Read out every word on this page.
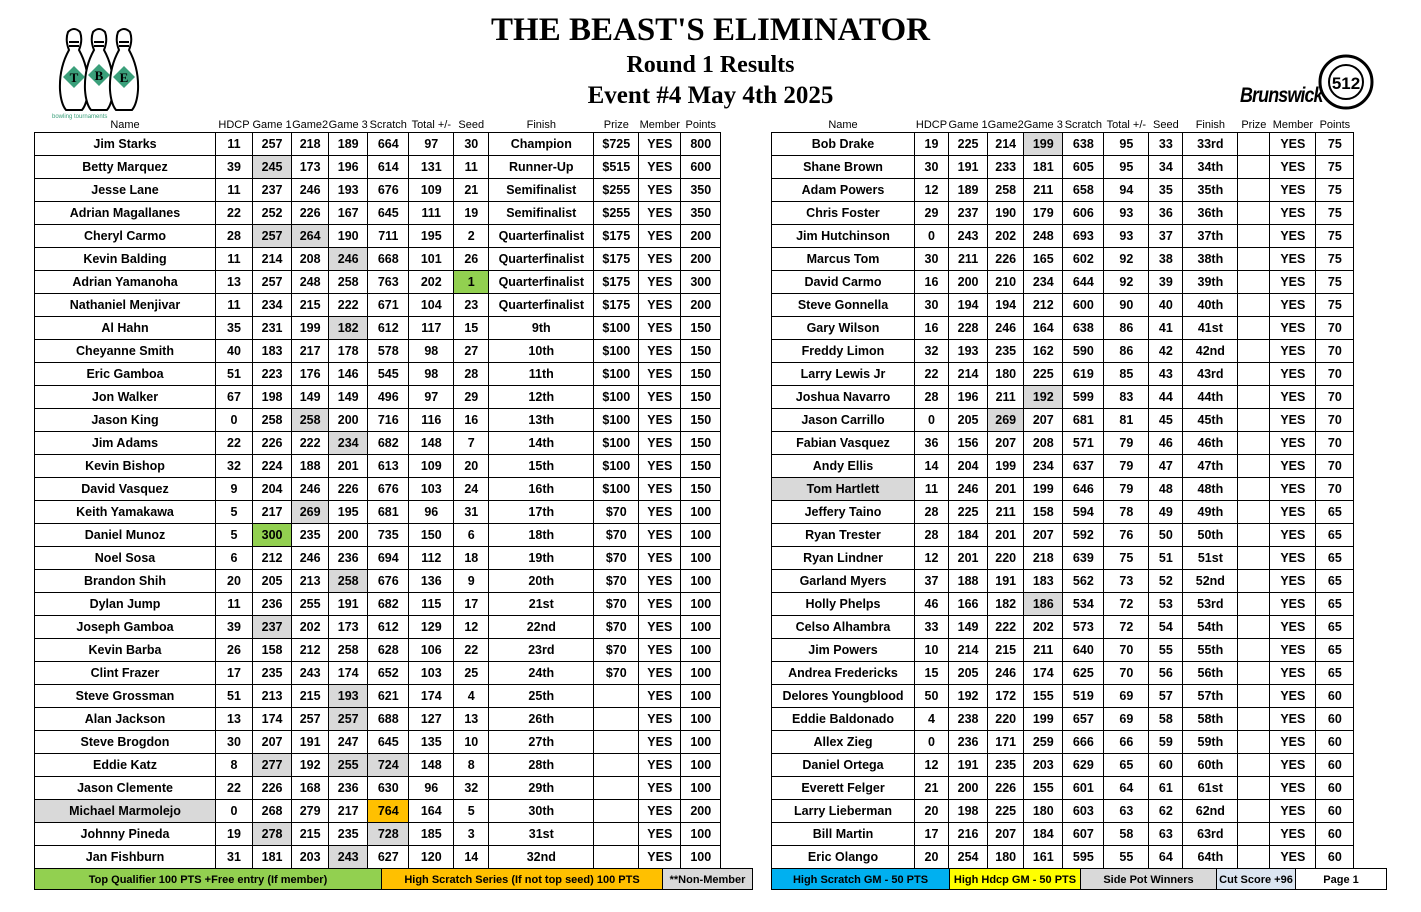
THE BEAST'S ELIMINATOR
Round 1 Results
Event #4 May 4th 2025
T B E
bowling tournaments
Brunswick
512
Name	HDCP	Game 1	Game2	Game 3	Scratch	Total +/-	Seed	Finish	Prize	Member	Points
Jim Starks	11	257	218	189	664	97	30	Champion	$725	YES	800
Betty Marquez	39	245	173	196	614	131	11	Runner-Up	$515	YES	600
Jesse Lane	11	237	246	193	676	109	21	Semifinalist	$255	YES	350
Adrian Magallanes	22	252	226	167	645	111	19	Semifinalist	$255	YES	350
Cheryl Carmo	28	257	264	190	711	195	2	Quarterfinalist	$175	YES	200
Kevin Balding	11	214	208	246	668	101	26	Quarterfinalist	$175	YES	200
Adrian Yamanoha	13	257	248	258	763	202	1	Quarterfinalist	$175	YES	300
Nathaniel Menjivar	11	234	215	222	671	104	23	Quarterfinalist	$175	YES	200
Al Hahn	35	231	199	182	612	117	15	9th	$100	YES	150
Cheyanne Smith	40	183	217	178	578	98	27	10th	$100	YES	150
Eric Gamboa	51	223	176	146	545	98	28	11th	$100	YES	150
Jon Walker	67	198	149	149	496	97	29	12th	$100	YES	150
Jason King	0	258	258	200	716	116	16	13th	$100	YES	150
Jim Adams	22	226	222	234	682	148	7	14th	$100	YES	150
Kevin Bishop	32	224	188	201	613	109	20	15th	$100	YES	150
David Vasquez	9	204	246	226	676	103	24	16th	$100	YES	150
Keith Yamakawa	5	217	269	195	681	96	31	17th	$70	YES	100
Daniel Munoz	5	300	235	200	735	150	6	18th	$70	YES	100
Noel Sosa	6	212	246	236	694	112	18	19th	$70	YES	100
Brandon Shih	20	205	213	258	676	136	9	20th	$70	YES	100
Dylan Jump	11	236	255	191	682	115	17	21st	$70	YES	100
Joseph Gamboa	39	237	202	173	612	129	12	22nd	$70	YES	100
Kevin Barba	26	158	212	258	628	106	22	23rd	$70	YES	100
Clint Frazer	17	235	243	174	652	103	25	24th	$70	YES	100
Steve Grossman	51	213	215	193	621	174	4	25th		YES	100
Alan Jackson	13	174	257	257	688	127	13	26th		YES	100
Steve Brogdon	30	207	191	247	645	135	10	27th		YES	100
Eddie Katz	8	277	192	255	724	148	8	28th		YES	100
Jason Clemente	22	226	168	236	630	96	32	29th		YES	100
Michael Marmolejo	0	268	279	217	764	164	5	30th		YES	200
Johnny Pineda	19	278	215	235	728	185	3	31st		YES	100
Jan Fishburn	31	181	203	243	627	120	14	32nd		YES	100
Name	HDCP	Game 1	Game2	Game 3	Scratch	Total +/-	Seed	Finish	Prize	Member	Points
Bob Drake	19	225	214	199	638	95	33	33rd		YES	75
Shane Brown	30	191	233	181	605	95	34	34th		YES	75
Adam Powers	12	189	258	211	658	94	35	35th		YES	75
Chris Foster	29	237	190	179	606	93	36	36th		YES	75
Jim Hutchinson	0	243	202	248	693	93	37	37th		YES	75
Marcus Tom	30	211	226	165	602	92	38	38th		YES	75
David Carmo	16	200	210	234	644	92	39	39th		YES	75
Steve Gonnella	30	194	194	212	600	90	40	40th		YES	75
Gary Wilson	16	228	246	164	638	86	41	41st		YES	70
Freddy Limon	32	193	235	162	590	86	42	42nd		YES	70
Larry Lewis Jr	22	214	180	225	619	85	43	43rd		YES	70
Joshua Navarro	28	196	211	192	599	83	44	44th		YES	70
Jason Carrillo	0	205	269	207	681	81	45	45th		YES	70
Fabian Vasquez	36	156	207	208	571	79	46	46th		YES	70
Andy Ellis	14	204	199	234	637	79	47	47th		YES	70
Tom Hartlett	11	246	201	199	646	79	48	48th		YES	70
Jeffery Taino	28	225	211	158	594	78	49	49th		YES	65
Ryan Trester	28	184	201	207	592	76	50	50th		YES	65
Ryan Lindner	12	201	220	218	639	75	51	51st		YES	65
Garland Myers	37	188	191	183	562	73	52	52nd		YES	65
Holly Phelps	46	166	182	186	534	72	53	53rd		YES	65
Celso Alhambra	33	149	222	202	573	72	54	54th		YES	65
Jim Powers	10	214	215	211	640	70	55	55th		YES	65
Andrea Fredericks	15	205	246	174	625	70	56	56th		YES	65
Delores Youngblood	50	192	172	155	519	69	57	57th		YES	60
Eddie Baldonado	4	238	220	199	657	69	58	58th		YES	60
Allex Zieg	0	236	171	259	666	66	59	59th		YES	60
Daniel Ortega	12	191	235	203	629	65	60	60th		YES	60
Everett Felger	21	200	226	155	601	64	61	61st		YES	60
Larry Lieberman	20	198	225	180	603	63	62	62nd		YES	60
Bill Martin	17	216	207	184	607	58	63	63rd		YES	60
Eric Olango	20	254	180	161	595	55	64	64th		YES	60
Top Qualifier 100 PTS +Free entry (If member)	High Scratch Series (If not top seed) 100 PTS	**Non-Member	High Scratch GM - 50 PTS	High Hdcp GM - 50 PTS	Side Pot Winners	Cut Score +96	Page 1
